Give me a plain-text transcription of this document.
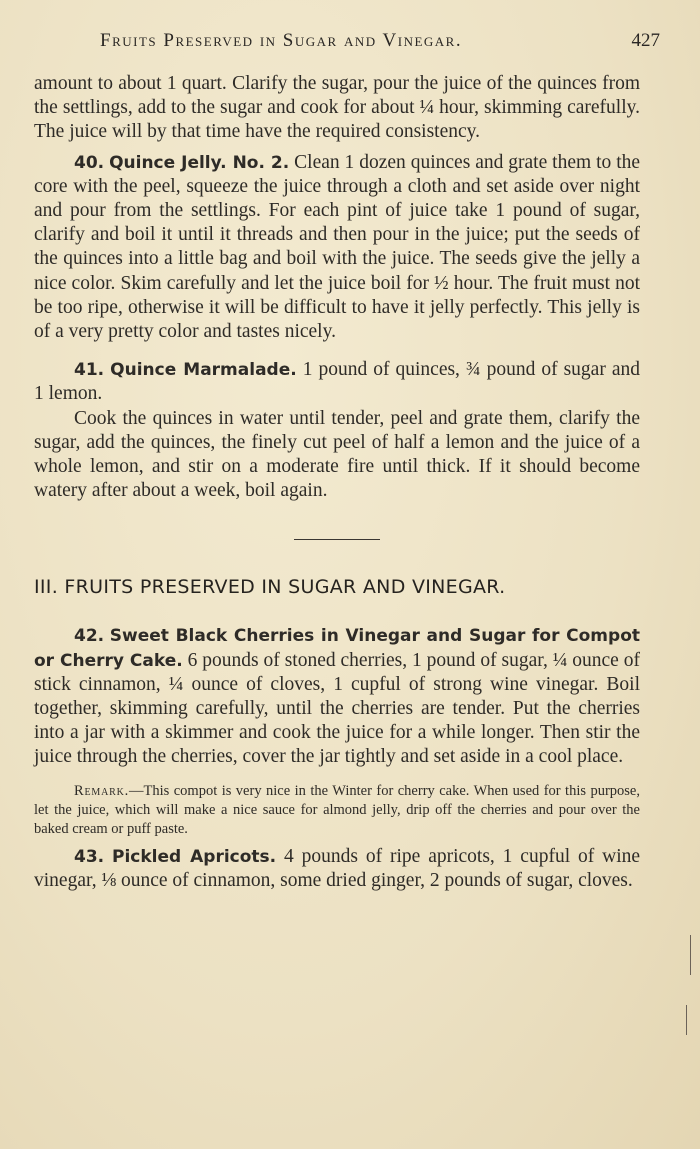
Fruits Preserved in Sugar and Vinegar.	427

amount to about 1 quart. Clarify the sugar, pour the juice of the quinces from the settlings, add to the sugar and cook for about ¼ hour, skimming carefully. The juice will by that time have the required consistency.

40. Quince Jelly. No. 2. Clean 1 dozen quinces and grate them to the core with the peel, squeeze the juice through a cloth and set aside over night and pour from the settlings. For each pint of juice take 1 pound of sugar, clarify and boil it until it threads and then pour in the juice; put the seeds of the quinces into a little bag and boil with the juice. The seeds give the jelly a nice color. Skim carefully and let the juice boil for ½ hour. The fruit must not be too ripe, otherwise it will be difficult to have it jelly perfectly. This jelly is of a very pretty color and tastes nicely.

41. Quince Marmalade. 1 pound of quinces, ¾ pound of sugar and 1 lemon.

Cook the quinces in water until tender, peel and grate them, clarify the sugar, add the quinces, the finely cut peel of half a lemon and the juice of a whole lemon, and stir on a moderate fire until thick. If it should become watery after about a week, boil again.

III. FRUITS PRESERVED IN SUGAR AND VINEGAR.

42. Sweet Black Cherries in Vinegar and Sugar for Compot or Cherry Cake. 6 pounds of stoned cherries, 1 pound of sugar, ¼ ounce of stick cinnamon, ¼ ounce of cloves, 1 cupful of strong wine vinegar. Boil together, skimming carefully, until the cherries are tender. Put the cherries into a jar with a skimmer and cook the juice for a while longer. Then stir the juice through the cherries, cover the jar tightly and set aside in a cool place.

Remark.—This compot is very nice in the Winter for cherry cake. When used for this purpose, let the juice, which will make a nice sauce for almond jelly, drip off the cherries and pour over the baked cream or puff paste.

43. Pickled Apricots. 4 pounds of ripe apricots, 1 cupful of wine vinegar, ⅛ ounce of cinnamon, some dried ginger, 2 pounds of sugar, cloves.
